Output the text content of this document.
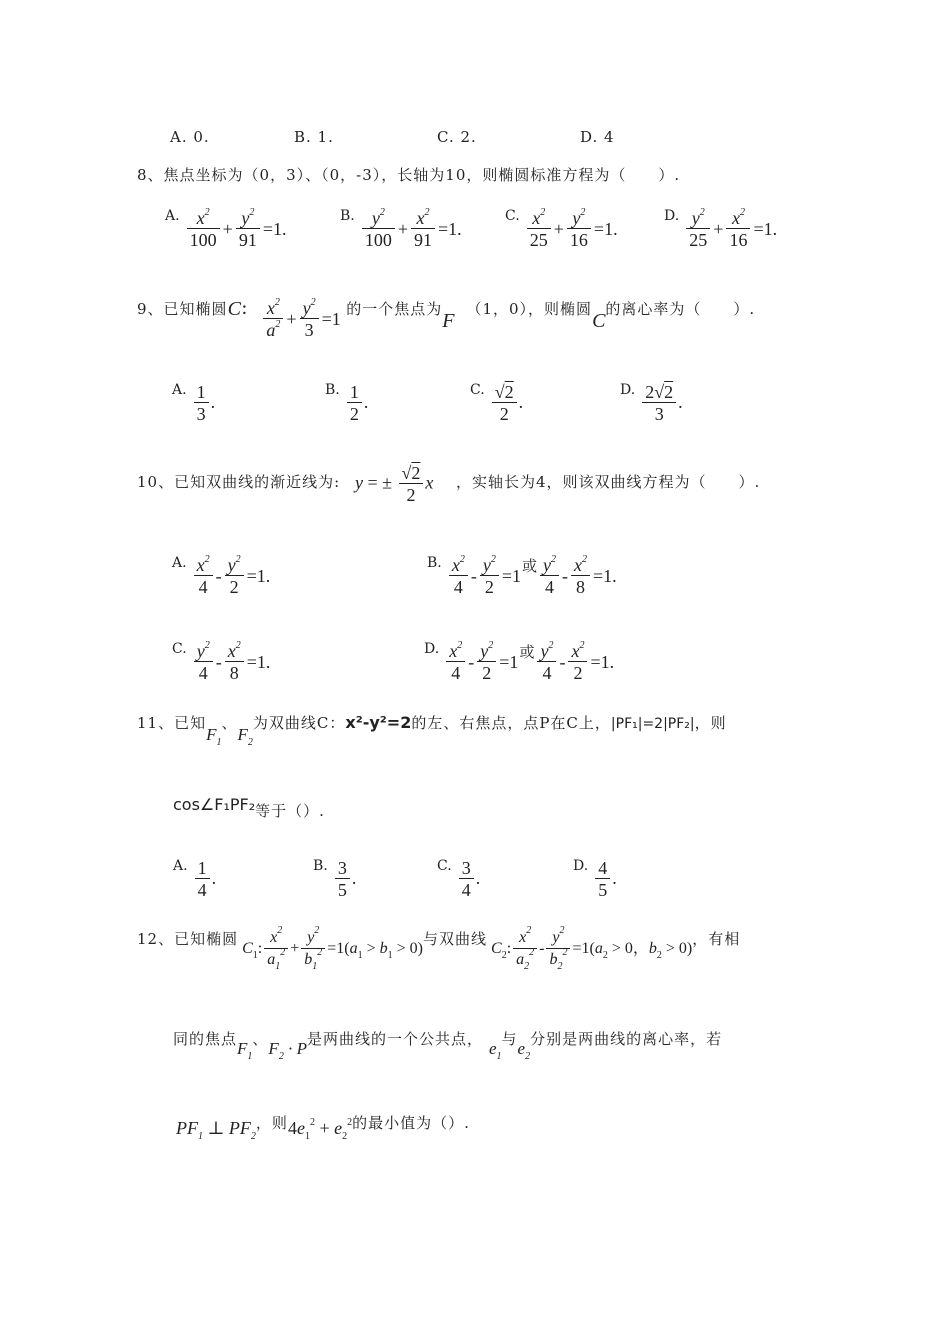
A. 0.	B. 1.	C. 2.	D. 4
8、焦点坐标为（0，3）、（0，-3），长轴为10，则椭圆标准方程为（　　）.
A. $\frac{x^2}{100} + \frac{y^2}{91} =1$.
B. $\frac{y^2}{100} + \frac{x^2}{91} =1$.
C. $\frac{x^2}{25} + \frac{y^2}{16} =1$.
D. $\frac{y^2}{25} + \frac{x^2}{16} =1$.
9、已知椭圆C： $\frac{x^2}{a^2} + \frac{y^2}{3} =1$ 的一个焦点为F（1，0），则椭圆C的离心率为（　　）.
A. $\frac{1}{3}$ .
B. $\frac{1}{2}$ .
C. $\frac{√2}{2}$ .
D. $\frac{2√2}{3}$ .
10、已知双曲线的渐近线为: y = ± $\frac{√2}{2}$ x ，实轴长为4，则该双曲线方程为（　　）.
A. $\frac{x^2}{4} - \frac{y^2}{2} =1$.
B. $\frac{x^2}{4} - \frac{y^2}{2} =1$或 $\frac{y^2}{4} - \frac{x^2}{8} =1$.
C. $\frac{y^2}{4} - \frac{x^2}{8} =1$.
D. $\frac{x^2}{4} - \frac{y^2}{2} =1$或 $\frac{y^2}{4} - \frac{x^2}{2} =1$.
11、已知$F_1$、$F_2$为双曲线C：x²-y²=2的左、右焦点，点P在C上，|PF₁|=2|PF₂|，则
cos∠F₁PF₂等于（）.
A. $\frac{1}{4}$ .
B. $\frac{3}{5}$ .
C. $\frac{3}{4}$ .
D. $\frac{4}{5}$ .
12、已知椭圆 $C_1$: $\frac{x^2}{a_1^2} + \frac{y^2}{b_1^2} =1(a_1 > b_1 > 0)$与双曲线 $C_2$: $\frac{x^2}{a_2^2} - \frac{y^2}{b_2^2} =1(a_2 > 0$，$b_2 > 0$)，有相
同的焦点$F_1$、$F_2 \cdot P$是两曲线的一个公共点， $e_1$与$e_2$分别是两曲线的离心率，若
$PF_1$ ⊥ $PF_2$，则$4e_1^2 + e_2^2$的最小值为（）.
